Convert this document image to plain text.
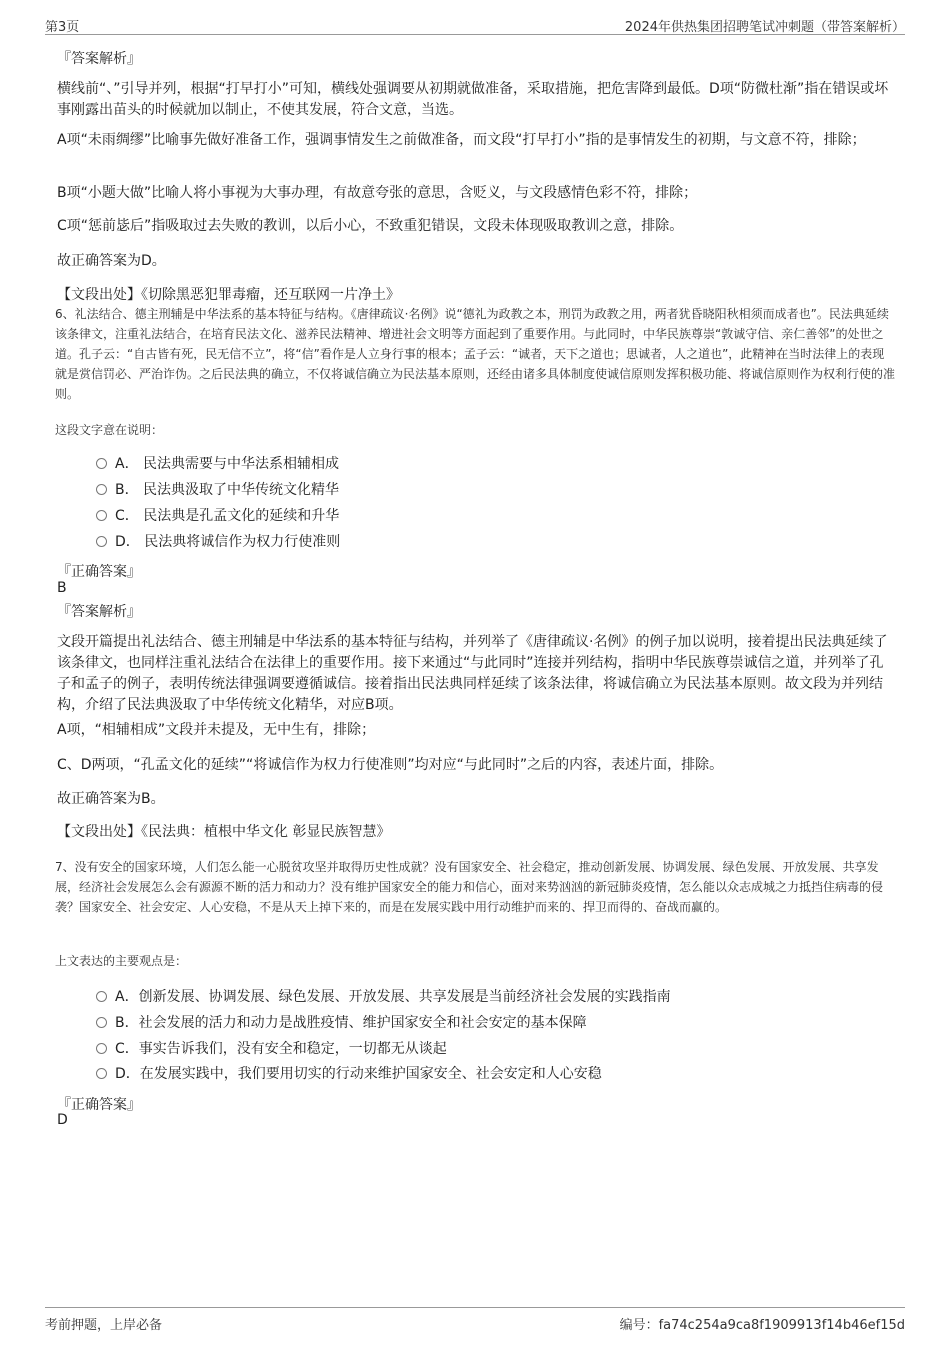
第3页	2024年供热集团招聘笔试冲刺题（带答案解析）
『答案解析』
横线前“、”引导并列，根据“打早打小”可知，横线处强调要从初期就做准备，采取措施，把危害降到最低。D项“防微杜渐”指在错误或坏事刚露出苗头的时候就加以制止，不使其发展，符合文意，当选。
A项“未雨绸缪”比喻事先做好准备工作，强调事情发生之前做准备，而文段“打早打小”指的是事情发生的初期，与文意不符，排除；
B项“小题大做”比喻人将小事视为大事办理，有故意夸张的意思，含贬义，与文段感情色彩不符，排除；
C项“惩前毖后”指吸取过去失败的教训，以后小心，不致重犯错误，文段未体现吸取教训之意，排除。
故正确答案为D。
【文段出处】《切除黑恶犯罪毒瘤，还互联网一片净土》
6、礼法结合、德主刑辅是中华法系的基本特征与结构。《唐律疏议·名例》说“德礼为政教之本，刑罚为政教之用，两者犹昏晓阳秋相须而成者也”。民法典延续该条律文，注重礼法结合，在培育民法文化、滋养民法精神、增进社会文明等方面起到了重要作用。与此同时，中华民族尊崇“敦诚守信、亲仁善邻”的处世之道。孔子云：“自古皆有死，民无信不立”，将“信”看作是人立身行事的根本；孟子云：“诚者，天下之道也；思诚者，人之道也”，此精神在当时法律上的表现就是赏信罚必、严治诈伪。之后民法典的确立，不仅将诚信确立为民法基本原则，还经由诸多具体制度使诚信原则发挥积极功能、将诚信原则作为权利行使的准则。
这段文字意在说明：
A． 民法典需要与中华法系相辅相成
B． 民法典汲取了中华传统文化精华
C． 民法典是孔孟文化的延续和升华
D． 民法典将诚信作为权力行使准则
『正确答案』
B
『答案解析』
文段开篇提出礼法结合、德主刑辅是中华法系的基本特征与结构，并列举了《唐律疏议·名例》的例子加以说明，接着提出民法典延续了该条律文，也同样注重礼法结合在法律上的重要作用。接下来通过“与此同时”连接并列结构，指明中华民族尊崇诚信之道，并列举了孔子和孟子的例子，表明传统法律强调要遵循诚信。接着指出民法典同样延续了该条法律，将诚信确立为民法基本原则。故文段为并列结构，介绍了民法典汲取了中华传统文化精华，对应B项。
A项，“相辅相成”文段并未提及，无中生有，排除；
C、D两项，“孔孟文化的延续”“将诚信作为权力行使准则”均对应“与此同时”之后的内容，表述片面，排除。
故正确答案为B。
【文段出处】《民法典：植根中华文化 彰显民族智慧》
7、没有安全的国家环境，人们怎么能一心脱贫攻坚并取得历史性成就？没有国家安全、社会稳定，推动创新发展、协调发展、绿色发展、开放发展、共享发展，经济社会发展怎么会有源源不断的活力和动力？没有维护国家安全的能力和信心，面对来势汹汹的新冠肺炎疫情，怎么能以众志成城之力抵挡住病毒的侵袭？国家安全、社会安定、人心安稳，不是从天上掉下来的，而是在发展实践中用行动维护而来的、捍卫而得的、奋战而赢的。
上文表达的主要观点是：
A．创新发展、协调发展、绿色发展、开放发展、共享发展是当前经济社会发展的实践指南
B．社会发展的活力和动力是战胜疫情、维护国家安全和社会安定的基本保障
C．事实告诉我们，没有安全和稳定，一切都无从谈起
D．在发展实践中，我们要用切实的行动来维护国家安全、社会安定和人心安稳
『正确答案』
D
考前押题，上岸必备	编号：fa74c254a9ca8f1909913f14b46ef15d
